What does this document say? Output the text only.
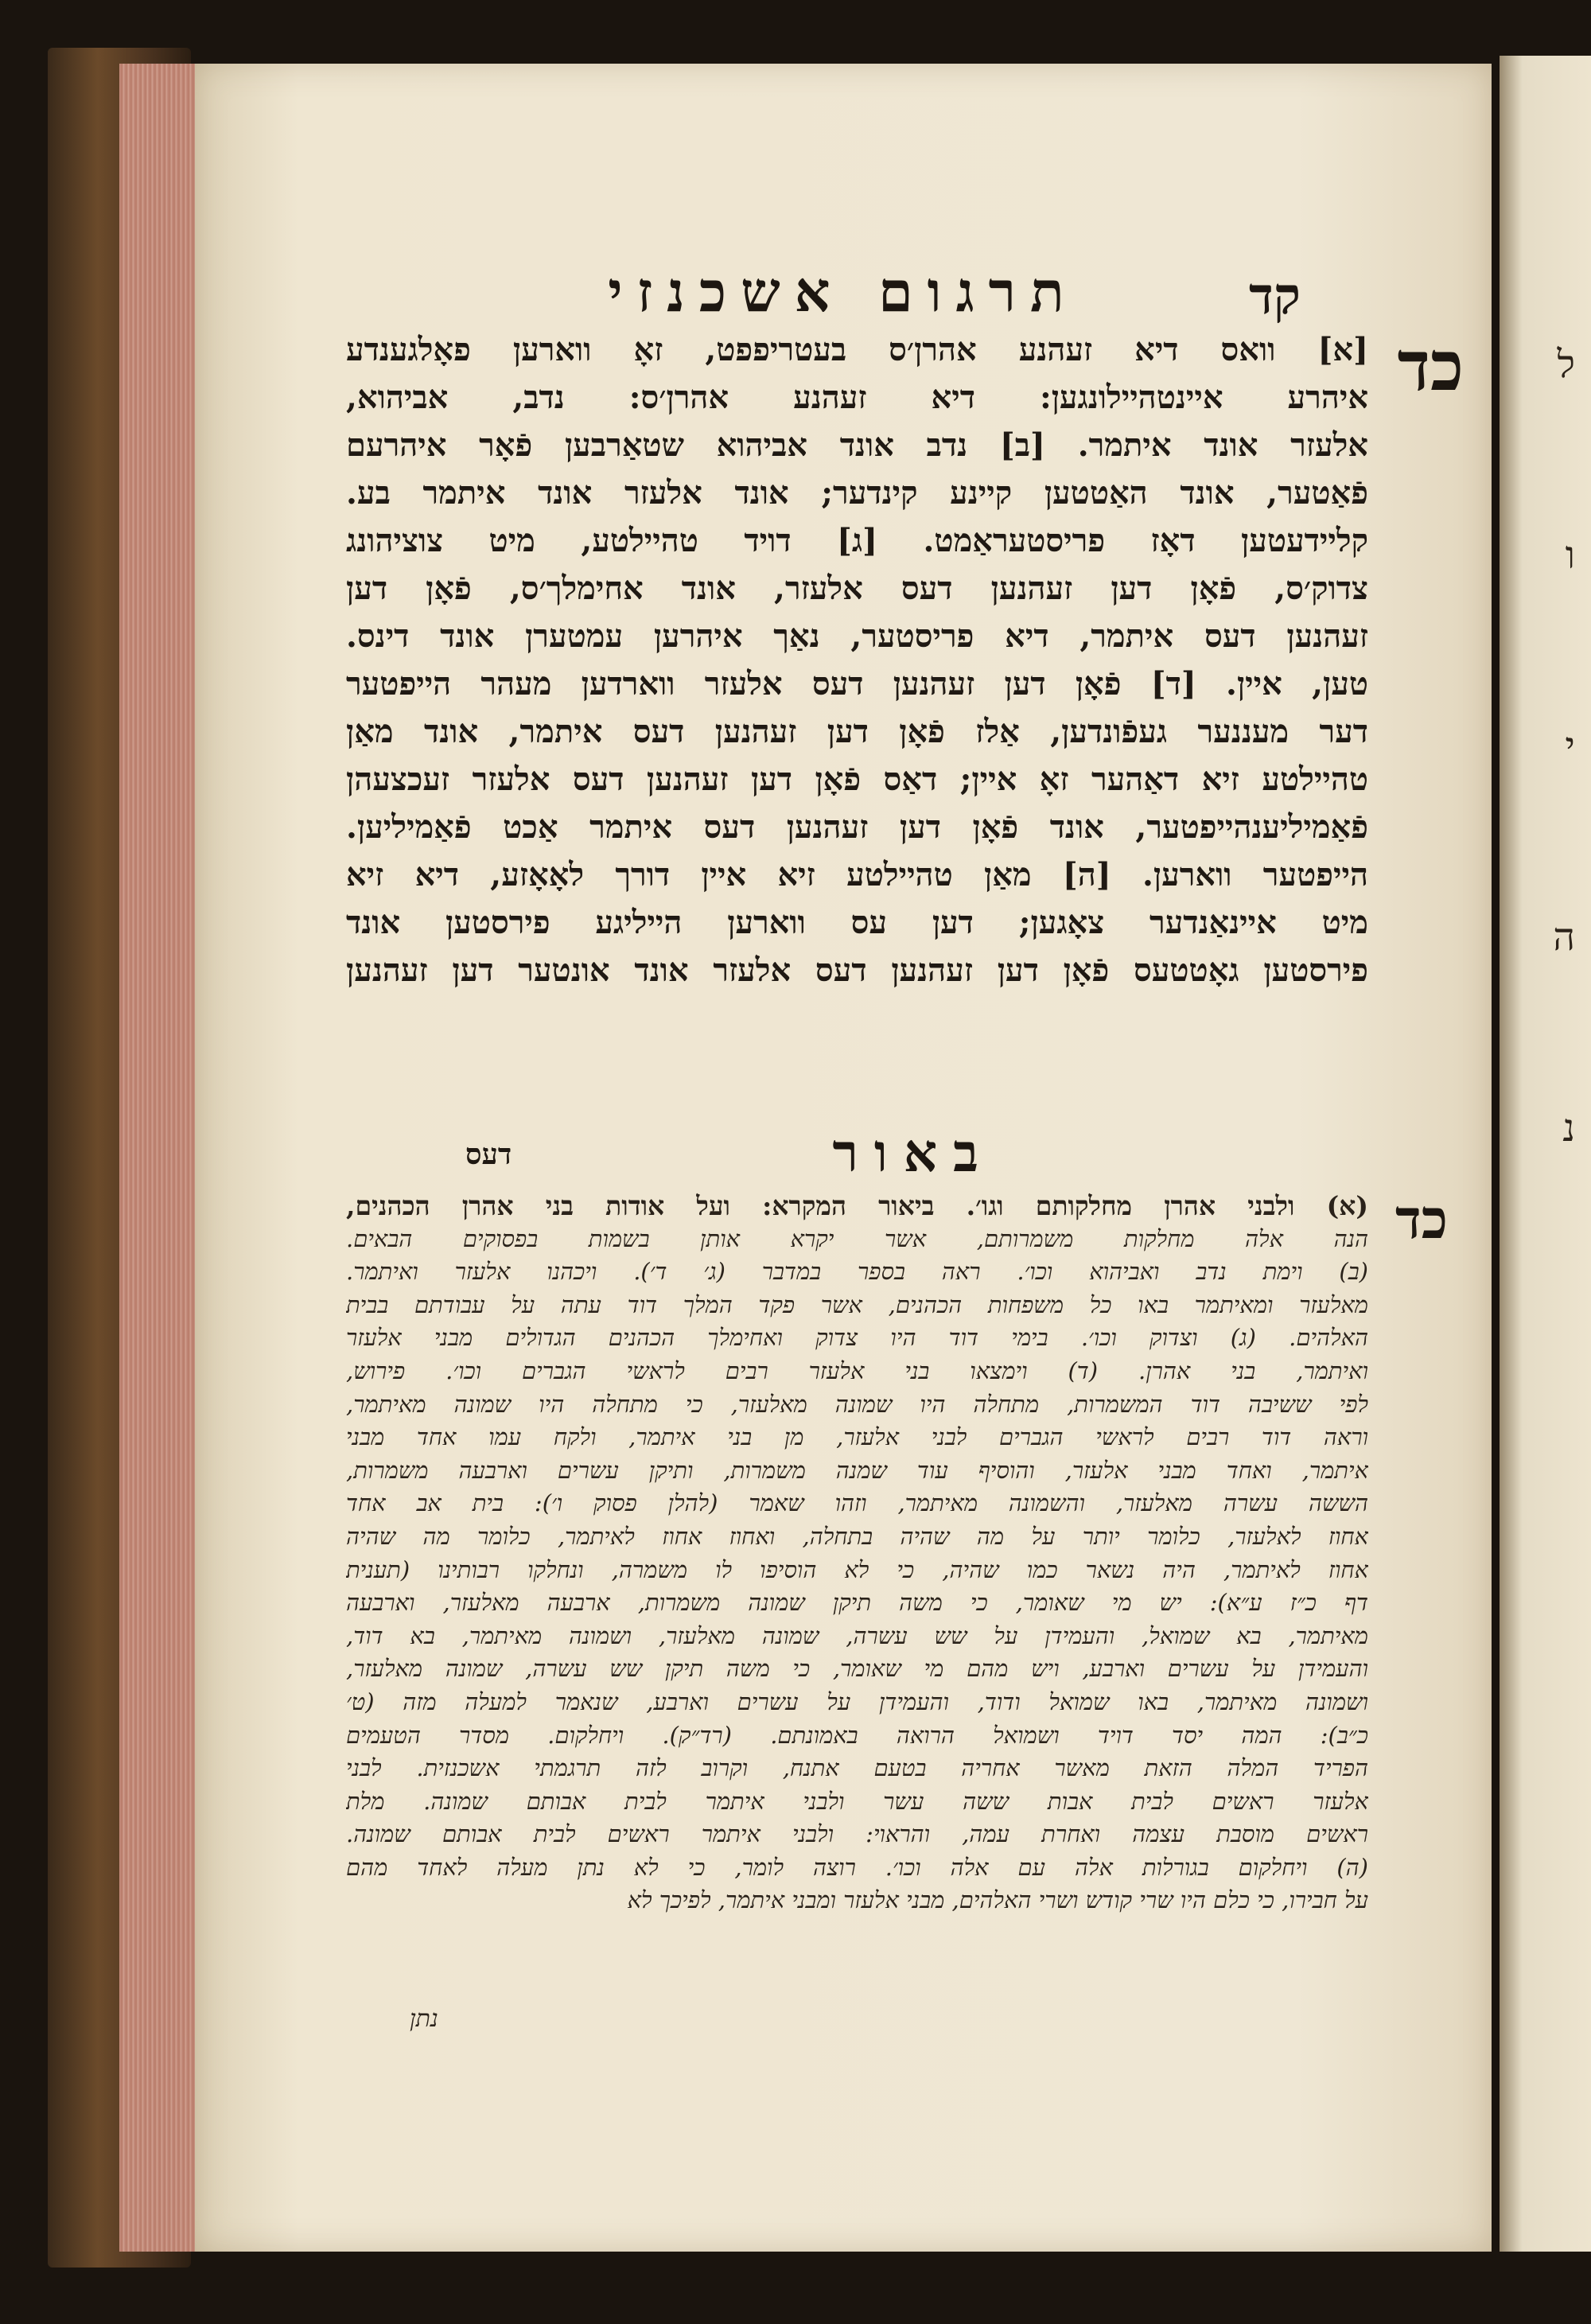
קד
תרגום אשכנזי
כד
[א] וואס דיא זעהנע אהרן׳ס בעטריפפט, זאָ ווארען פאָלגענדע
איהרע איינטהיילונגען: דיא זעהנע אהרן׳ס: נדב, אביהוא,
אלעזר אונד איתמר. [ב] נדב אונד אביהוא שטאַרבען פֿאָר איהרעם
פֿאַטער, אונד האַטטען קיינע קינדער; אונד אלעזר אונד איתמר בע.
קליידעטען דאָז פריסטעראַמט. [ג] דויד טהיילטע, מיט צוציהונג
צדוק׳ס, פֿאָן דען זעהנען דעס אלעזר, אונד אחימלך׳ס, פֿאָן דען
זעהנען דעס איתמר, דיא פריסטער, נאַך איהרען עמטערן אונד דינס.
טען, איין. [ד] פֿאָן דען זעהנען דעס אלעזר ווארדען מעהר הייפטער
דער מעננער געפֿונדען, אַלז פֿאָן דען זעהנען דעס איתמר, אונד מאַן
טהיילטע זיא דאַהער זאָ איין; דאַס פֿאָן דען זעהנען דעס אלעזר זעכצעהן
פֿאַמיליענהייפטער, אונד פֿאָן דען זעהנען דעס איתמר אַכט פֿאַמיליען.
הייפטער ווארען. [ה] מאַן טהיילטע זיא איין דורך לאָאָזע, דיא זיא
מיט איינאַנדער צאָגען; דען עס ווארען הייליגע פירסטען אונד
פירסטען גאָטטעס פֿאָן דען זעהנען דעס אלעזר אונד אונטער דען זעהנען
באור
דעס
כד
(א) ולבני אהרן מחלקותם וגו׳. ביאור המקרא: ועל אודות בני אהרן הכהנים,
הנה אלה מחלקות משמרותם, אשר יקרא אותן בשמות בפסוקים הבאים.
(ב) וימת נדב ואביהוא וכו׳. ראה בספר במדבר (ג׳ ד׳). ויכהנו אלעזר ואיתמר.
מאלעזר ומאיתמר באו כל משפחות הכהנים, אשר פקד המלך דוד עתה על עבודתם בבית
האלהים. (ג) וצדוק וכו׳. בימי דוד היו צדוק ואחימלך הכהנים הגדולים מבני אלעזר
ואיתמר, בני אהרן. (ד) וימצאו בני אלעזר רבים לראשי הגברים וכו׳. פירוש,
לפי ששיבה דוד המשמרות, מתחלה היו שמונה מאלעזר, כי מתחלה היו שמונה מאיתמר,
וראה דוד רבים לראשי הגברים לבני אלעזר, מן בני איתמר, ולקח עמו אחד מבני
איתמר, ואחד מבני אלעזר, והוסיף עוד שמנה משמרות, ותיקן עשרים וארבעה משמרות,
הששה עשרה מאלעזר, והשמונה מאיתמר, וזהו שאמר (להלן פסוק ו׳): בית אב אחד
אחוז לאלעזר, כלומר יותר על מה שהיה בתחלה, ואחוז אחוז לאיתמר, כלומר מה שהיה
אחוז לאיתמר, היה נשאר כמו שהיה, כי לא הוסיפו לו משמרה, ונחלקו רבותינו (תענית
דף כ״ז ע״א): יש מי שאומר, כי משה תיקן שמונה משמרות, ארבעה מאלעזר, וארבעה
מאיתמר, בא שמואל, והעמידן על שש עשרה, שמונה מאלעזר, ושמונה מאיתמר, בא דוד,
והעמידן על עשרים וארבע, ויש מהם מי שאומר, כי משה תיקן שש עשרה, שמונה מאלעזר,
ושמונה מאיתמר, באו שמואל ודוד, והעמידן על עשרים וארבע, שנאמר למעלה מזה (ט׳
כ״ב): המה יסד דויד ושמואל הרואה באמונתם. (רד״ק). ויחלקום. מסדר הטעמים
הפריד המלה הזאת מאשר אחריה בטעם אתנח, וקרוב לזה תרגמתי אשכנזית. לבני
אלעזר ראשים לבית אבות ששה עשר ולבני איתמר לבית אבותם שמונה. מלת
ראשים מוסבת עצמה ואחרת עמה, והראוי: ולבני איתמר ראשים לבית אבותם שמונה.
(ה) ויחלקום בגורלות אלה עם אלה וכו׳. רוצה לומר, כי לא נתן מעלה לאחד מהם
על חבירו, כי כלם היו שרי קודש ושרי האלהים, מבני אלעזר ומבני איתמר, לפיכך לא
נתן
ל
ו
י
ה
נ
